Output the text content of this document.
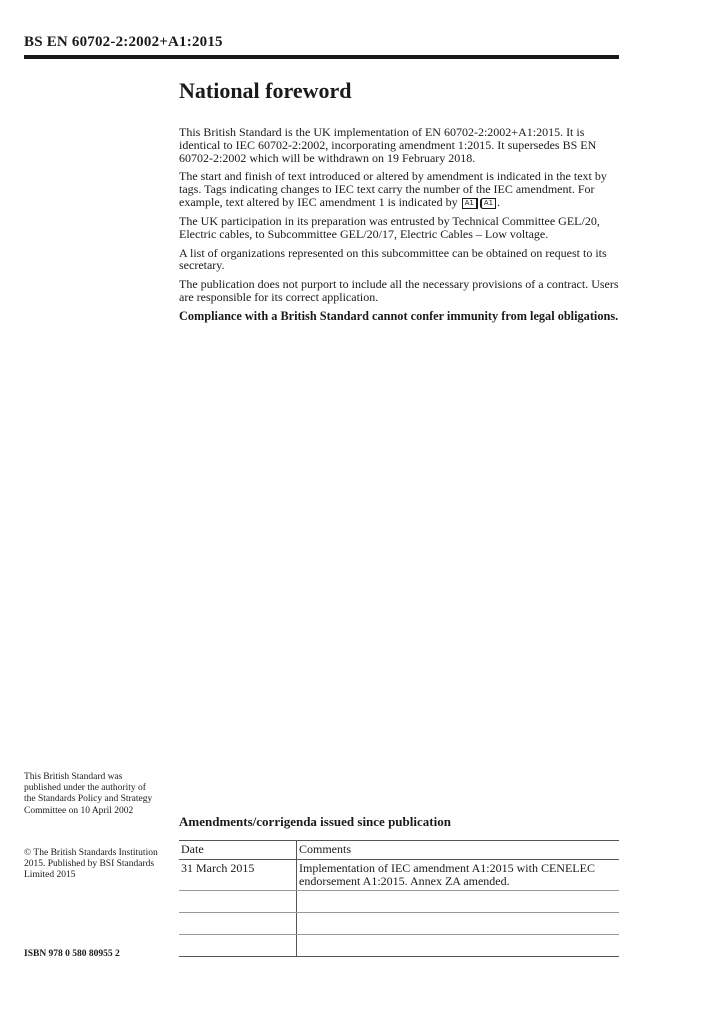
BS EN 60702-2:2002+A1:2015
National foreword

This British Standard is the UK implementation of EN 60702-2:2002+A1:2015. It is identical to IEC 60702-2:2002, incorporating amendment 1:2015. It supersedes BS EN 60702-2:2002 which will be withdrawn on 19 February 2018.

The start and finish of text introduced or altered by amendment is indicated in the text by tags. Tags indicating changes to IEC text carry the number of the IEC amendment. For example, text altered by IEC amendment 1 is indicated by A1 A1 .

The UK participation in its preparation was entrusted by Technical Committee GEL/20, Electric cables, to Subcommittee GEL/20/17, Electric Cables – Low voltage.

A list of organizations represented on this subcommittee can be obtained on request to its secretary.

The publication does not purport to include all the necessary provisions of a contract. Users are responsible for its correct application.

Compliance with a British Standard cannot confer immunity from legal obligations.

This British Standard was published under the authority of the Standards Policy and Strategy Committee on 10 April 2002

© The British Standards Institution 2015. Published by BSI Standards Limited 2015

ISBN 978 0 580 80955 2
Amendments/corrigenda issued since publication
Date	Comments
31 March 2015	Implementation of IEC amendment A1:2015 with CENELEC endorsement A1:2015. Annex ZA amended.
